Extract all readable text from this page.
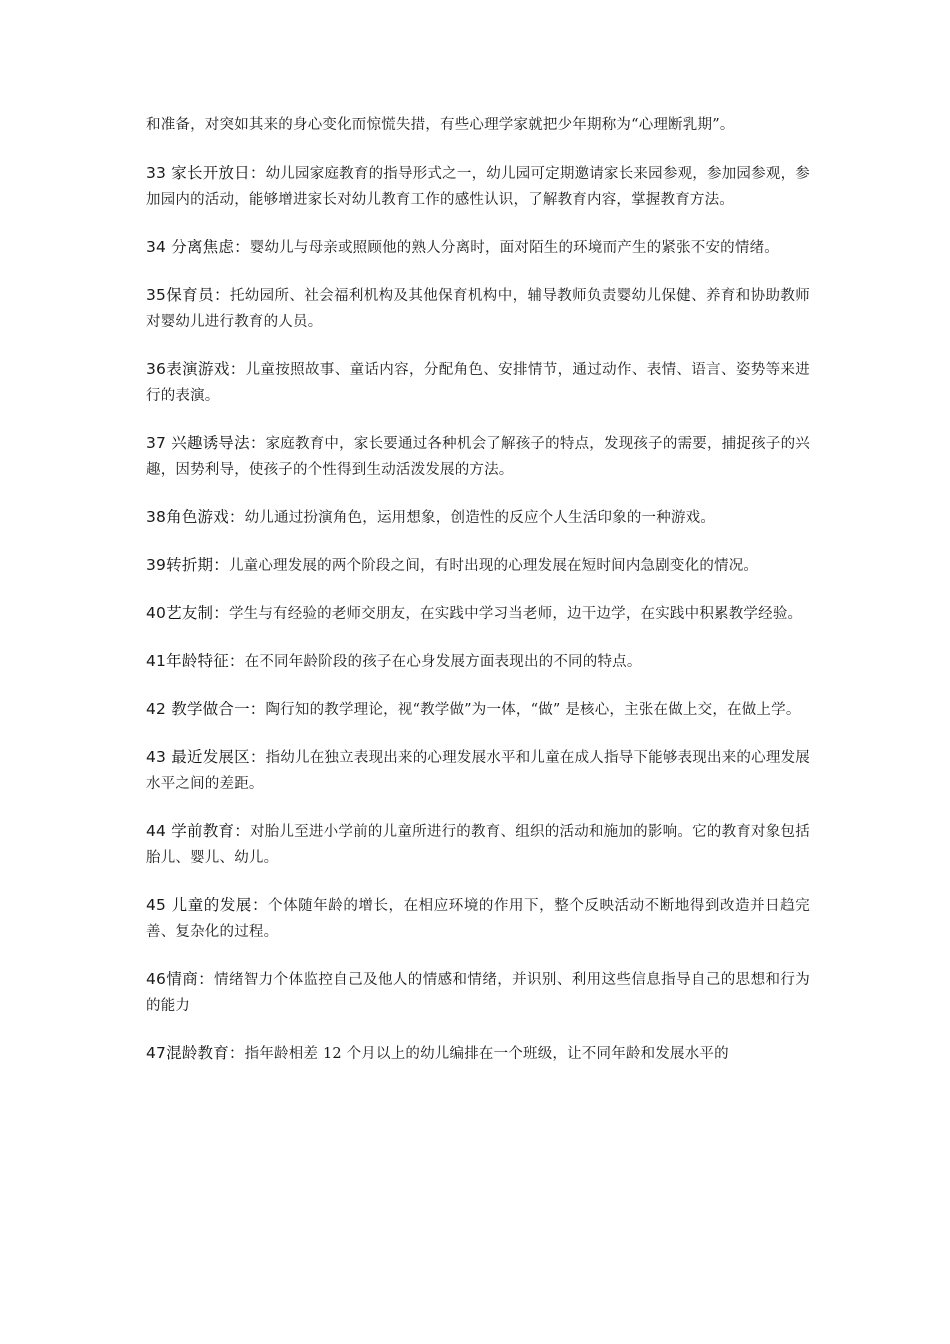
和准备，对突如其来的身心变化而惊慌失措，有些心理学家就把少年期称为“心理断乳期”。

33 家长开放日：幼儿园家庭教育的指导形式之一，幼儿园可定期邀请家长来园参观，参加园参观，参加园内的活动，能够增进家长对幼儿教育工作的感性认识，了解教育内容，掌握教育方法。

34 分离焦虑：婴幼儿与母亲或照顾他的熟人分离时，面对陌生的环境而产生的紧张不安的情绪。

35保育员：托幼园所、社会福利机构及其他保育机构中，辅导教师负责婴幼儿保健、养育和协助教师对婴幼儿进行教育的人员。

36表演游戏：儿童按照故事、童话内容，分配角色、安排情节，通过动作、表情、语言、姿势等来进行的表演。

37 兴趣诱导法：家庭教育中，家长要通过各种机会了解孩子的特点，发现孩子的需要，捕捉孩子的兴趣，因势利导，使孩子的个性得到生动活泼发展的方法。

38角色游戏：幼儿通过扮演角色，运用想象，创造性的反应个人生活印象的一种游戏。

39转折期：儿童心理发展的两个阶段之间，有时出现的心理发展在短时间内急剧变化的情况。

40艺友制：学生与有经验的老师交朋友，在实践中学习当老师，边干边学，在实践中积累教学经验。

41年龄特征：在不同年龄阶段的孩子在心身发展方面表现出的不同的特点。

42 教学做合一：陶行知的教学理论，视“教学做”为一体，“做” 是核心，主张在做上交，在做上学。

43 最近发展区：指幼儿在独立表现出来的心理发展水平和儿童在成人指导下能够表现出来的心理发展水平之间的差距。

44 学前教育：对胎儿至进小学前的儿童所进行的教育、组织的活动和施加的影响。它的教育对象包括胎儿、婴儿、幼儿。

45 儿童的发展：个体随年龄的增长，在相应环境的作用下，整个反映活动不断地得到改造并日趋完善、复杂化的过程。

46情商：情绪智力个体监控自己及他人的情感和情绪，并识别、利用这些信息指导自己的思想和行为的能力

47混龄教育：指年龄相差 12 个月以上的幼儿编排在一个班级，让不同年龄和发展水平的
